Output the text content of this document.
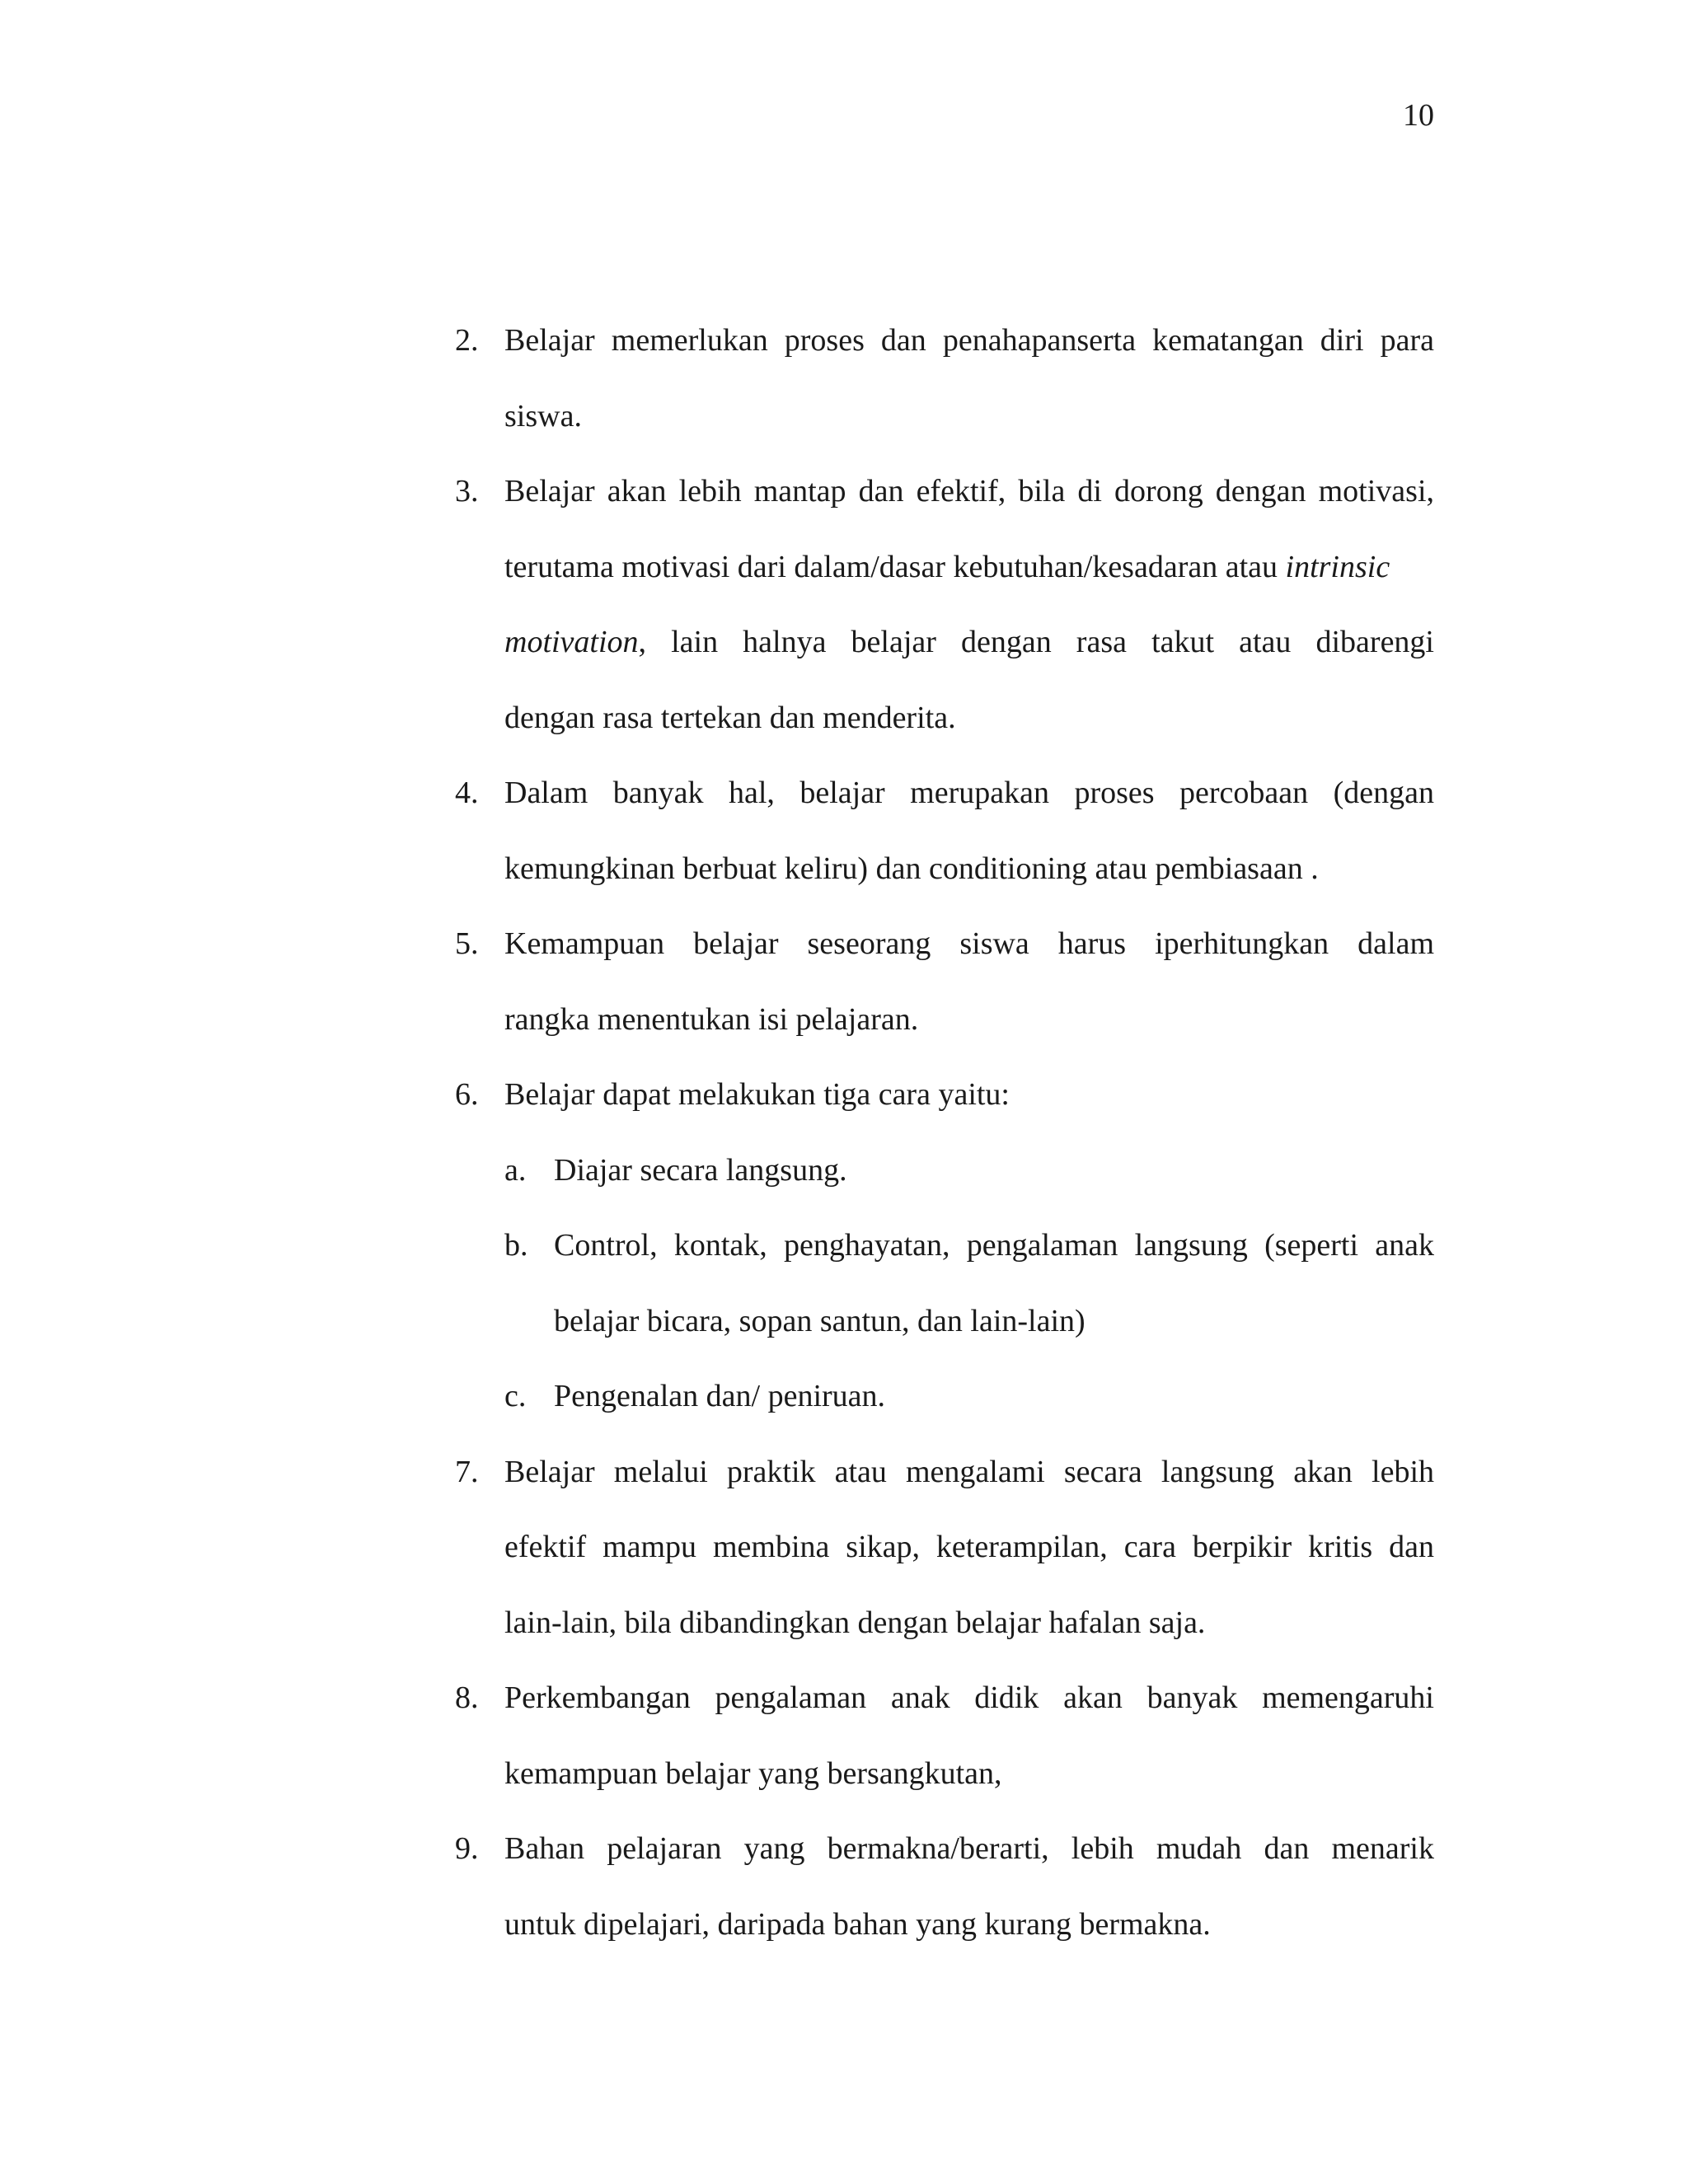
10
2. Belajar memerlukan proses dan penahapanserta kematangan diri para
siswa.
3. Belajar akan lebih mantap dan efektif, bila di dorong dengan motivasi,
terutama motivasi dari dalam/dasar kebutuhan/kesadaran atau intrinsic
motivation , lain halnya belajar dengan rasa takut atau dibarengi
dengan rasa tertekan dan menderita.
4. Dalam banyak hal, belajar merupakan proses percobaan (dengan
kemungkinan berbuat keliru) dan conditioning atau pembiasaan .
5. Kemampuan belajar seseorang siswa harus iperhitungkan dalam
rangka menentukan isi pelajaran.
6. Belajar dapat melakukan tiga cara yaitu:
a. Diajar secara langsung.
b. Control, kontak, penghayatan, pengalaman langsung (seperti anak
belajar bicara, sopan santun, dan lain-lain)
c. Pengenalan dan/ peniruan.
7. Belajar melalui praktik atau mengalami secara langsung akan lebih
efektif mampu membina sikap, keterampilan, cara berpikir kritis dan
lain-lain, bila dibandingkan dengan belajar hafalan saja.
8. Perkembangan pengalaman anak didik akan banyak memengaruhi
kemampuan belajar yang bersangkutan,
9. Bahan pelajaran yang bermakna/berarti, lebih mudah dan menarik
untuk dipelajari, daripada bahan yang kurang bermakna.
